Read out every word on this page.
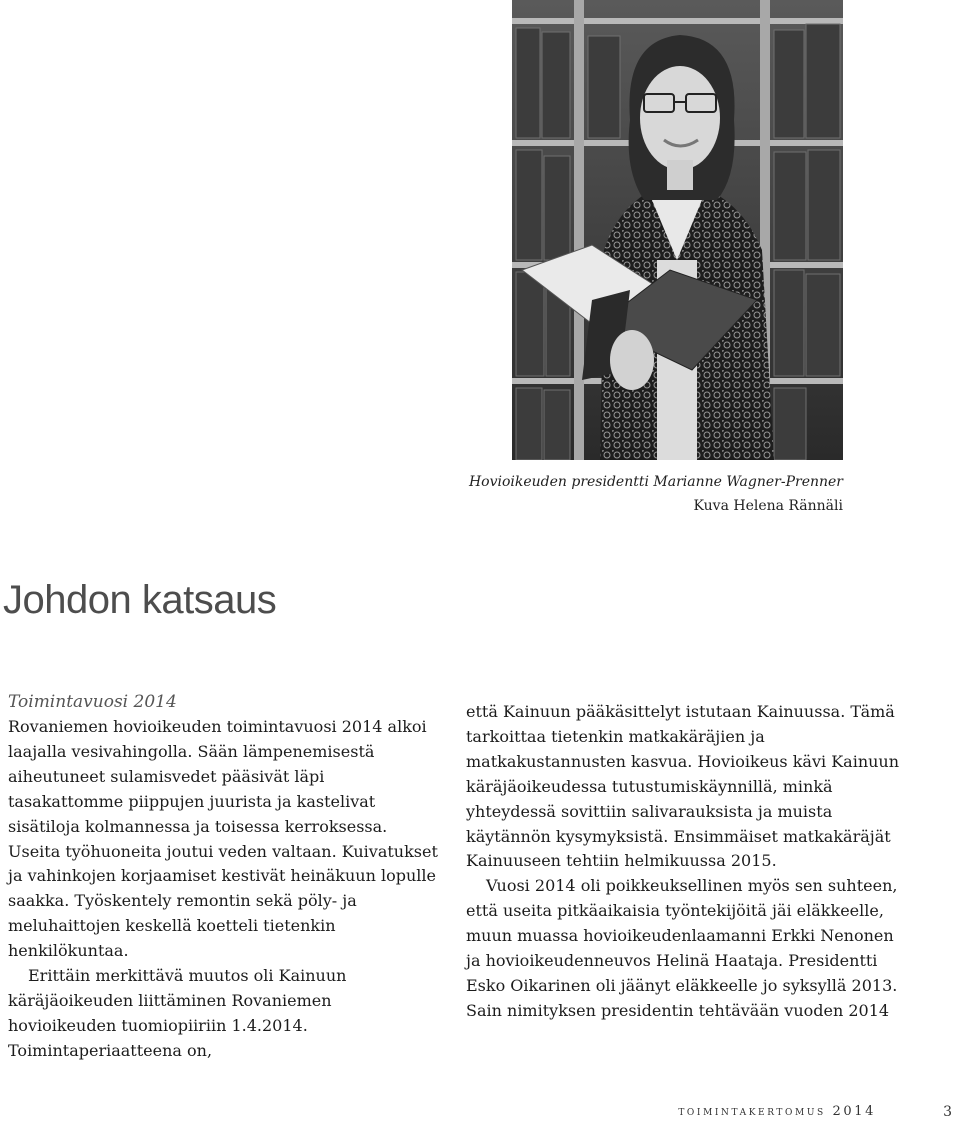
Hovioikeuden presidentti Marianne Wagner-Prenner
Kuva Helena Rännäli
Johdon katsaus

Toimintavuosi 2014

Rovaniemen hovioikeuden toimintavuosi 2014 alkoi laajalla vesivahingolla. Sään lämpenemisestä aiheutuneet sulamisvedet pääsivät läpi tasakattomme piippujen juurista ja kastelivat sisätiloja kolmannessa ja toisessa kerroksessa. Useita työhuoneita joutui veden valtaan. Kuivatukset ja vahinkojen korjaamiset kestivät heinäkuun lopulle saakka. Työskentely remontin sekä pöly- ja meluhaittojen keskellä koetteli tietenkin henkilökuntaa.

Erittäin merkittävä muutos oli Kainuun käräjäoikeuden liittäminen Rovaniemen hovioikeuden tuomiopiiriin 1.4.2014. Toimintaperiaatteena on,

että Kainuun pääkäsittelyt istutaan Kainuussa. Tämä tarkoittaa tietenkin matkakäräjien ja matkakustannusten kasvua. Hovioikeus kävi Kainuun käräjäoikeudessa tutustumiskäynnillä, minkä yhteydessä sovittiin salivarauksista ja muista käytännön kysymyksistä. Ensimmäiset matkakäräjät Kainuuseen tehtiin helmikuussa 2015.

Vuosi 2014 oli poikkeuksellinen myös sen suhteen, että useita pitkäaikaisia työntekijöitä jäi eläkkeelle, muun muassa hovioikeudenlaamanni Erkki Nenonen ja hovioikeudenneuvos Helinä Haataja. Presidentti Esko Oikarinen oli jäänyt eläkkeelle jo syksyllä 2013. Sain nimityksen presidentin tehtävään vuoden 2014

toimintakertomus 2014	3
